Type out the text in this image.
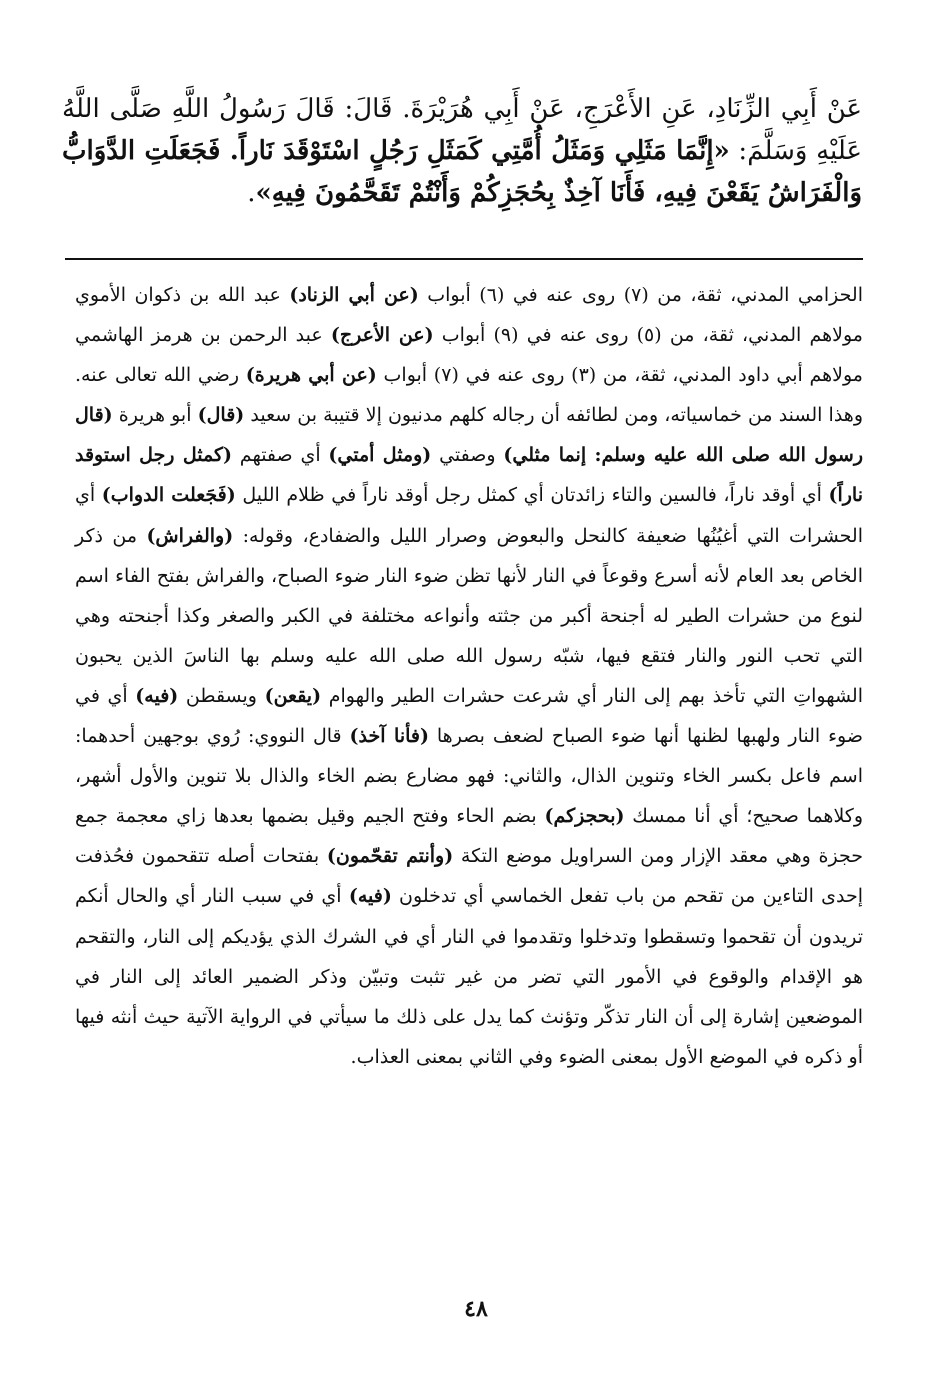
عَنْ أَبِي الزِّنَادِ، عَنِ الأَعْرَجِ، عَنْ أَبِي هُرَيْرَةَ. قَالَ: قَالَ رَسُولُ اللَّهِ صَلَّى اللَّهُ عَلَيْهِ وَسَلَّمَ: «إِنَّمَا مَثَلِي وَمَثَلُ أُمَّتِي كَمَثَلِ رَجُلٍ اسْتَوْقَدَ نَاراً. فَجَعَلَتِ الدَّوَابُّ وَالْفَرَاشُ يَقَعْنَ فِيهِ، فَأَنَا آخِذٌ بِحُجَزِكُمْ وَأَنْتُمْ تَقَحَّمُونَ فِيهِ».

الحزامي المدني، ثقة، من (٧) روى عنه في (٦) أبواب (عن أبي الزناد) عبد الله بن ذكوان الأموي مولاهم المدني، ثقة، من (٥) روى عنه في (٩) أبواب (عن الأعرج) عبد الرحمن بن هرمز الهاشمي مولاهم أبي داود المدني، ثقة، من (٣) روى عنه في (٧) أبواب (عن أبي هريرة) رضي الله تعالى عنه. وهذا السند من خماسياته، ومن لطائفه أن رجاله كلهم مدنيون إلا قتيبة بن سعيد (قال) أبو هريرة (قال رسول الله صلى الله عليه وسلم: إنما مثلي) وصفتي (ومثل أمتي) أي صفتهم (كمثل رجل استوقد ناراً) أي أوقد ناراً، فالسين والتاء زائدتان أي كمثل رجل أوقد ناراً في ظلام الليل (فَجَعلت الدواب) أي الحشرات التي أغيُنُها ضعيفة كالنحل والبعوض وصرار الليل والضفادع، وقوله: (والفراش) من ذكر الخاص بعد العام لأنه أسرع وقوعاً في النار لأنها تظن ضوء النار ضوء الصباح، والفراش بفتح الفاء اسم لنوع من حشرات الطير له أجنحة أكبر من جثته وأنواعه مختلفة في الكبر والصغر وكذا أجنحته وهي التي تحب النور والنار فتقع فيها، شبّه رسول الله صلى الله عليه وسلم بها الناسَ الذين يحبون الشهواتِ التي تأخذ بهم إلى النار أي شرعت حشرات الطير والهوام (يقعن) ويسقطن (فيه) أي في ضوء النار ولهبها لظنها أنها ضوء الصباح لضعف بصرها (فأنا آخذ) قال النووي: رُوي بوجهين أحدهما: اسم فاعل بكسر الخاء وتنوين الذال، والثاني: فهو مضارع بضم الخاء والذال بلا تنوين والأول أشهر، وكلاهما صحيح؛ أي أنا ممسك (بحجزكم) بضم الحاء وفتح الجيم وقيل بضمها بعدها زاي معجمة جمع حجزة وهي معقد الإزار ومن السراويل موضع التكة (وأنتم تقحّمون) بفتحات أصله تتقحمون فحُذفت إحدى التاءين من تقحم من باب تفعل الخماسي أي تدخلون (فيه) أي في سبب النار أي والحال أنكم تريدون أن تقحموا وتسقطوا وتدخلوا وتقدموا في النار أي في الشرك الذي يؤديكم إلى النار، والتقحم هو الإقدام والوقوع في الأمور التي تضر من غير تثبت وتبيّن وذكر الضمير العائد إلى النار في الموضعين إشارة إلى أن النار تذكّر وتؤنث كما يدل على ذلك ما سيأتي في الرواية الآتية حيث أنثه فيها أو ذكره في الموضع الأول بمعنى الضوء وفي الثاني بمعنى العذاب.

٤٨
